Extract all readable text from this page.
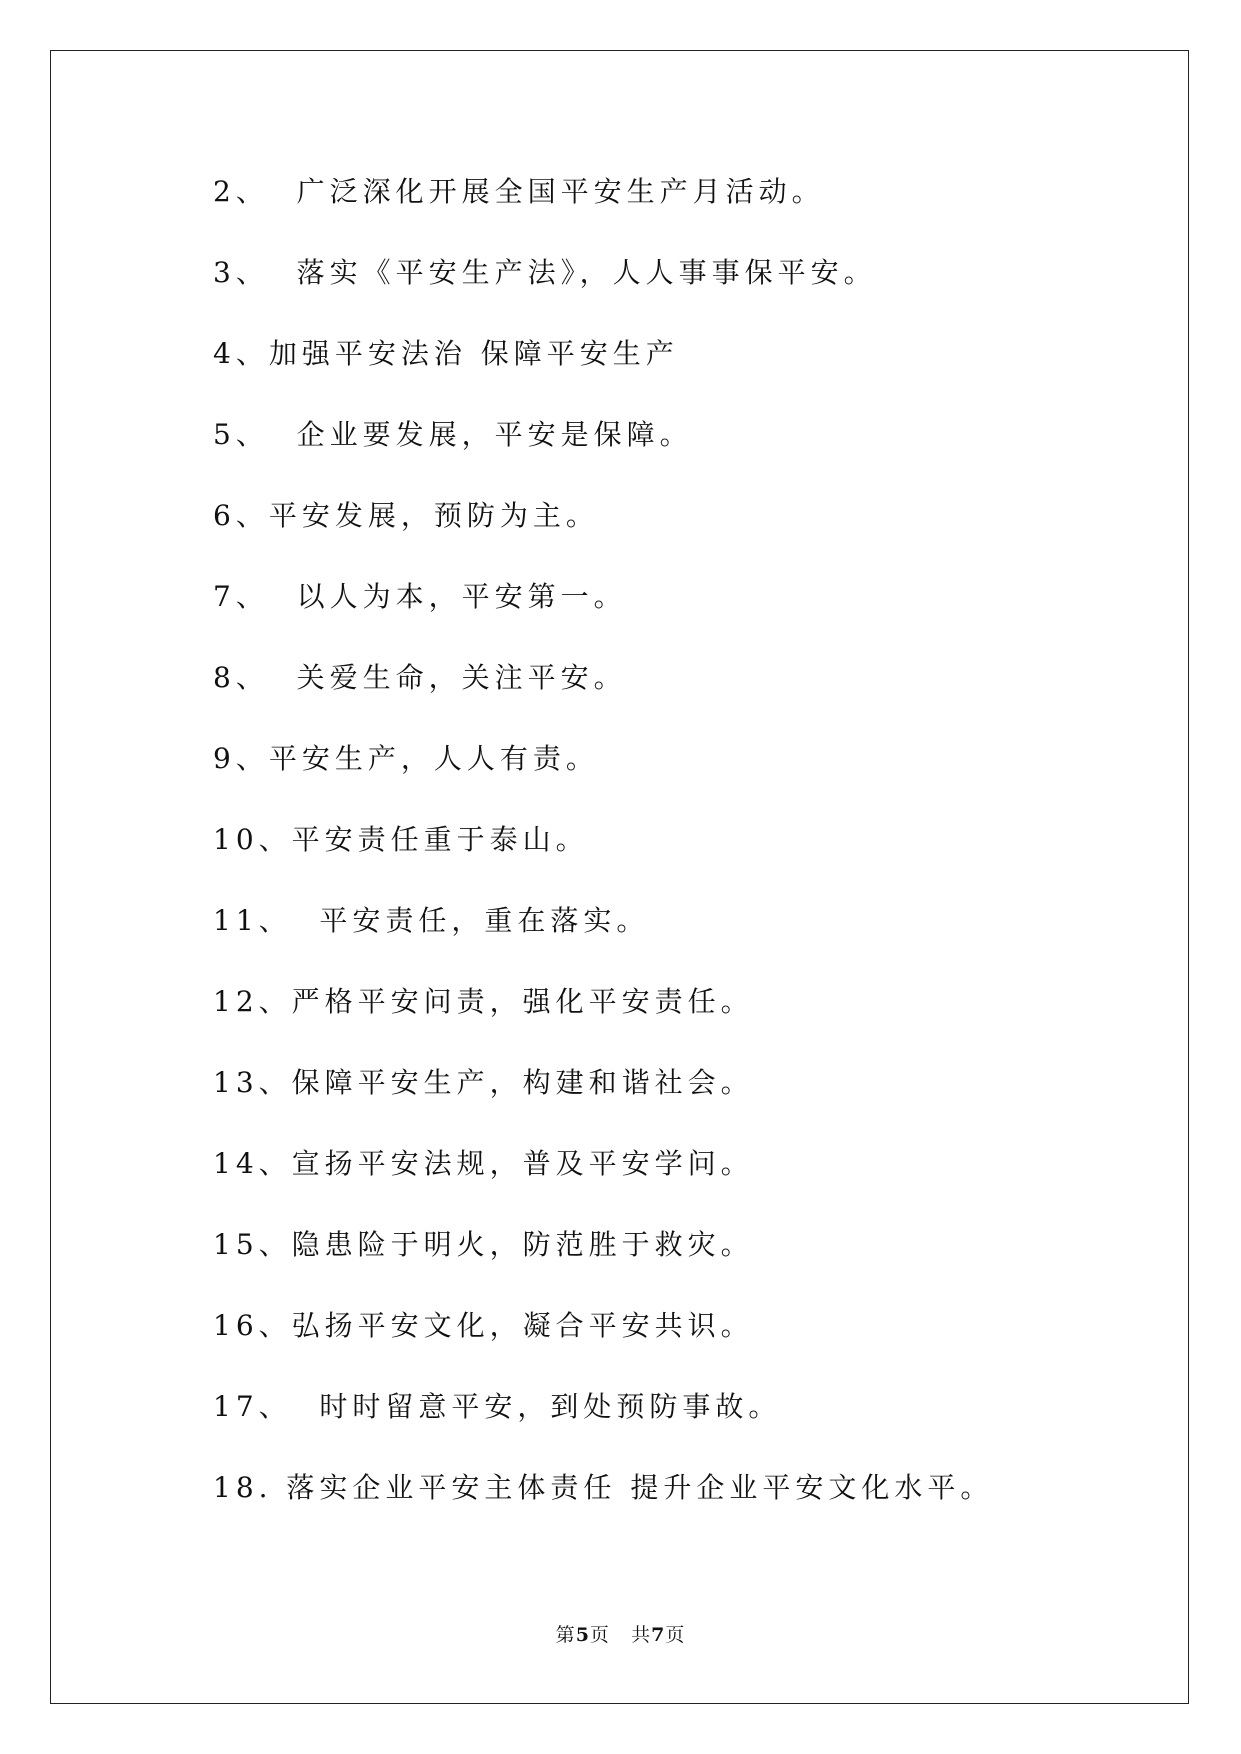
2、  广泛深化开展全国平安生产月活动。
3、  落实《平安生产法》，人人事事保平安。
4、加强平安法治 保障平安生产
5、  企业要发展，平安是保障。
6、平安发展，预防为主。
7、  以人为本，平安第一。
8、  关爱生命，关注平安。
9、平安生产，人人有责。
10、平安责任重于泰山。
11、  平安责任，重在落实。
12、严格平安问责，强化平安责任。
13、保障平安生产，构建和谐社会。
14、宣扬平安法规，普及平安学问。
15、隐患险于明火，防范胜于救灾。
16、弘扬平安文化，凝合平安共识。
17、  时时留意平安，到处预防事故。
18. 落实企业平安主体责任 提升企业平安文化水平。
第5页 共7页
